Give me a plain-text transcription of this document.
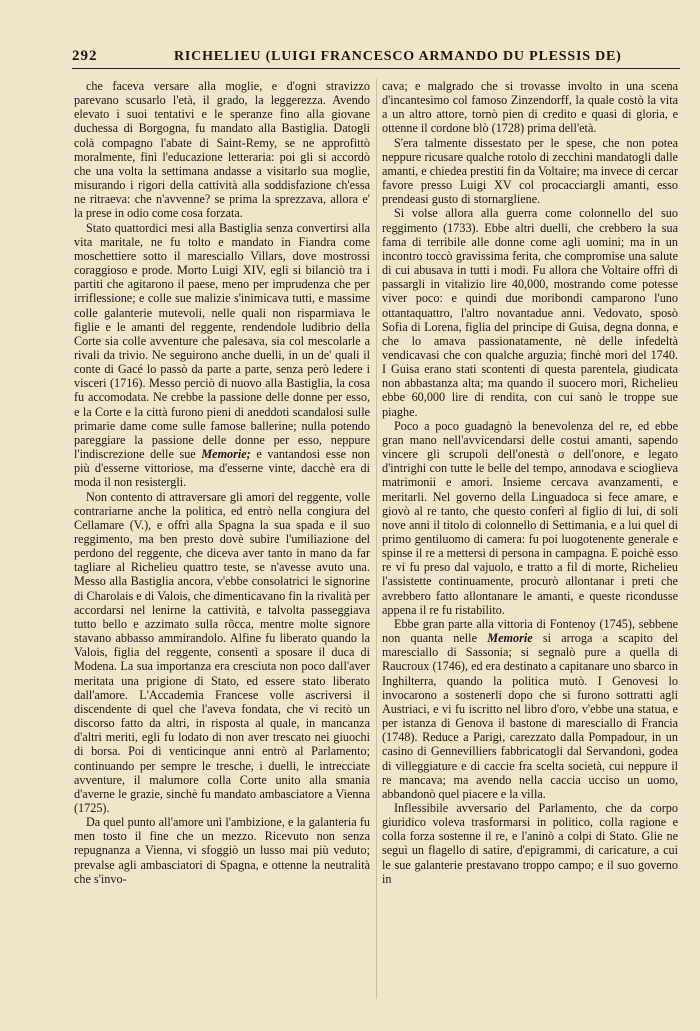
292	RICHELIEU (LUIGI FRANCESCO ARMANDO DU PLESSIS DE)

che faceva versare alla moglie, e d'ogni stravizzo parevano scusarlo l'età, il grado, la leggerezza. Avendo elevato i suoi tentativi e le speranze fino alla giovane duchessa di Borgogna, fu mandato alla Bastiglia. Datogli colà compagno l'abate di Saint-Remy, se ne approfittò moralmente, finì l'educazione letteraria: poi gli si accordò che una volta la settimana andasse a visitarlo sua moglie, misurando i rigori della cattività alla soddisfazione ch'essa ne ritraeva: che n'avvenne? se prima la sprezzava, allora e' la prese in odio come cosa forzata.

Stato quattordici mesi alla Bastiglia senza convertirsi alla vita maritale, ne fu tolto e mandato in Fiandra come moschettiere sotto il maresciallo Villars, dove mostrossi coraggioso e prode. Morto Luigi XIV, egli si bilanciò tra i partiti che agitarono il paese, meno per imprudenza che per irriflessione; e colle sue malizie s'inimicava tutti, e massime colle galanterie mutevoli, nelle quali non risparmiava le figlie e le amanti del reggente, rendendole ludibrio della Corte sia colle avventure che palesava, sia col mescolarle a rivali da trivio. Ne seguirono anche duelli, in un de' quali il conte di Gacé lo passò da parte a parte, senza però ledere i visceri (1716). Messo perciò di nuovo alla Bastiglia, la cosa fu accomodata. Ne crebbe la passione delle donne per esso, e la Corte e la città furono pieni di aneddoti scandalosi sulle primarie dame come sulle famose ballerine; nulla potendo pareggiare la passione delle donne per esso, neppure l'indiscrezione delle sue Memorie; e vantandosi esse non più d'esserne vittoriose, ma d'esserne vinte, dacchè era di moda il non resistergli.

Non contento di attraversare gli amori del reggente, volle contrariarne anche la politica, ed entrò nella congiura del Cellamare (V.), e offrì alla Spagna la sua spada e il suo reggimento, ma ben presto dovè subire l'umiliazione del perdono del reggente, che diceva aver tanto in mano da far tagliare al Richelieu quattro teste, se n'avesse avuto una. Messo alla Bastiglia ancora, v'ebbe consolatrici le signorine di Charolais e di Valois, che dimenticavano fin la rivalità per accordarsi nel lenirne la cattività, e talvolta passeggiava tutto bello e azzimato sulla rôcca, mentre molte signore stavano abbasso ammirandolo. Alfine fu liberato quando la Valois, figlia del reggente, consentì a sposare il duca di Modena. La sua importanza era cresciuta non poco dall'aver meritata una prigione di Stato, ed essere stato liberato dall'amore. L'Accademia Francese volle ascriversi il discendente di quel che l'aveva fondata, che vi recitò un discorso fatto da altri, in risposta al quale, in mancanza d'altri meriti, egli fu lodato di non aver trescato nei giuochi di borsa. Poi di venticinque anni entrò al Parlamento; continuando per sempre le tresche, i duelli, le intrecciate avventure, il malumore colla Corte unito alla smania d'averne le grazie, sinchè fu mandato ambasciatore a Vienna (1725).

Da quel punto all'amore unì l'ambizione, e la galanteria fu men tosto il fine che un mezzo. Ricevuto non senza repugnanza a Vienna, vi sfoggiò un lusso mai più veduto; prevalse agli ambasciatori di Spagna, e ottenne la neutralità che s'invo-

cava; e malgrado che si trovasse involto in una scena d'incantesimo col famoso Zinzendorff, la quale costò la vita a un altro attore, tornò pien di credito e quasi di gloria, e ottenne il cordone blò (1728) prima dell'età.

S'era talmente dissestato per le spese, che non potea neppure ricusare qualche rotolo di zecchini mandatogli dalle amanti, e chiedea prestiti fin da Voltaire; ma invece di cercar favore presso Luigi XV col procacciargli amanti, esso prendeasi gusto di stornargliene.

Si volse allora alla guerra come colonnello del suo reggimento (1733). Ebbe altri duelli, che crebbero la sua fama di terribile alle donne come agli uomini; ma in un incontro toccò gravissima ferita, che compromise una salute di cui abusava in tutti i modi. Fu allora che Voltaire offrì di passargli in vitalizio lire 40,000, mostrando come potesse viver poco: e quindi due moribondi camparono l'uno ottantaquattro, l'altro novantadue anni. Vedovato, sposò Sofia di Lorena, figlia del principe di Guisa, degna donna, e che lo amava passionatamente, nè delle infedeltà vendicavasi che con qualche arguzia; finchè morì del 1740. I Guisa erano stati scontenti di questa parentela, giudicata non abbastanza alta; ma quando il suocero morì, Richelieu ebbe 60,000 lire di rendita, con cui sanò le troppe sue piaghe.

Poco a poco guadagnò la benevolenza del re, ed ebbe gran mano nell'avvicendarsi delle costui amanti, sapendo vincere gli scrupoli dell'onestà o dell'onore, e legato d'intrighi con tutte le belle del tempo, annodava e scioglieva matrimonii e amori. Insieme cercava avanzamenti, e meritarli. Nel governo della Linguadoca si fece amare, e giovò al re tanto, che questo conferì al figlio di lui, di soli nove anni il titolo di colonnello di Settimania, e a lui quel di primo gentiluomo di camera: fu poi luogotenente generale e spinse il re a mettersi di persona in campagna. E poichè esso re vi fu preso dal vajuolo, e tratto a fil di morte, Richelieu l'assistette continuamente, procurò allontanar i preti che avrebbero fatto allontanare le amanti, e queste ricondusse appena il re fu ristabilito.

Ebbe gran parte alla vittoria di Fontenoy (1745), sebbene non quanta nelle Memorie si arroga a scapito del maresciallo di Sassonia; si segnalò pure a quella di Raucroux (1746), ed era destinato a capitanare uno sbarco in Inghilterra, quando la politica mutò. I Genovesi lo invocarono a sostenerli dopo che si furono sottratti agli Austriaci, e vi fu iscritto nel libro d'oro, v'ebbe una statua, e per istanza di Genova il bastone di maresciallo di Francia (1748). Reduce a Parigi, carezzato dalla Pompadour, in un casino di Gennevilliers fabbricatogli dal Servandoni, godea di villeggiature e di caccie fra scelta società, cui neppure il re mancava; ma avendo nella caccia ucciso un uomo, abbandonò quel piacere e la villa.

Inflessibile avversario del Parlamento, che da corpo giuridico voleva trasformarsi in politico, colla ragione e colla forza sostenne il re, e l'aninò a colpi di Stato. Glie ne seguì un flagello di satire, d'epigrammi, di caricature, a cui le sue galanterie prestavano troppo campo; e il suo governo in
